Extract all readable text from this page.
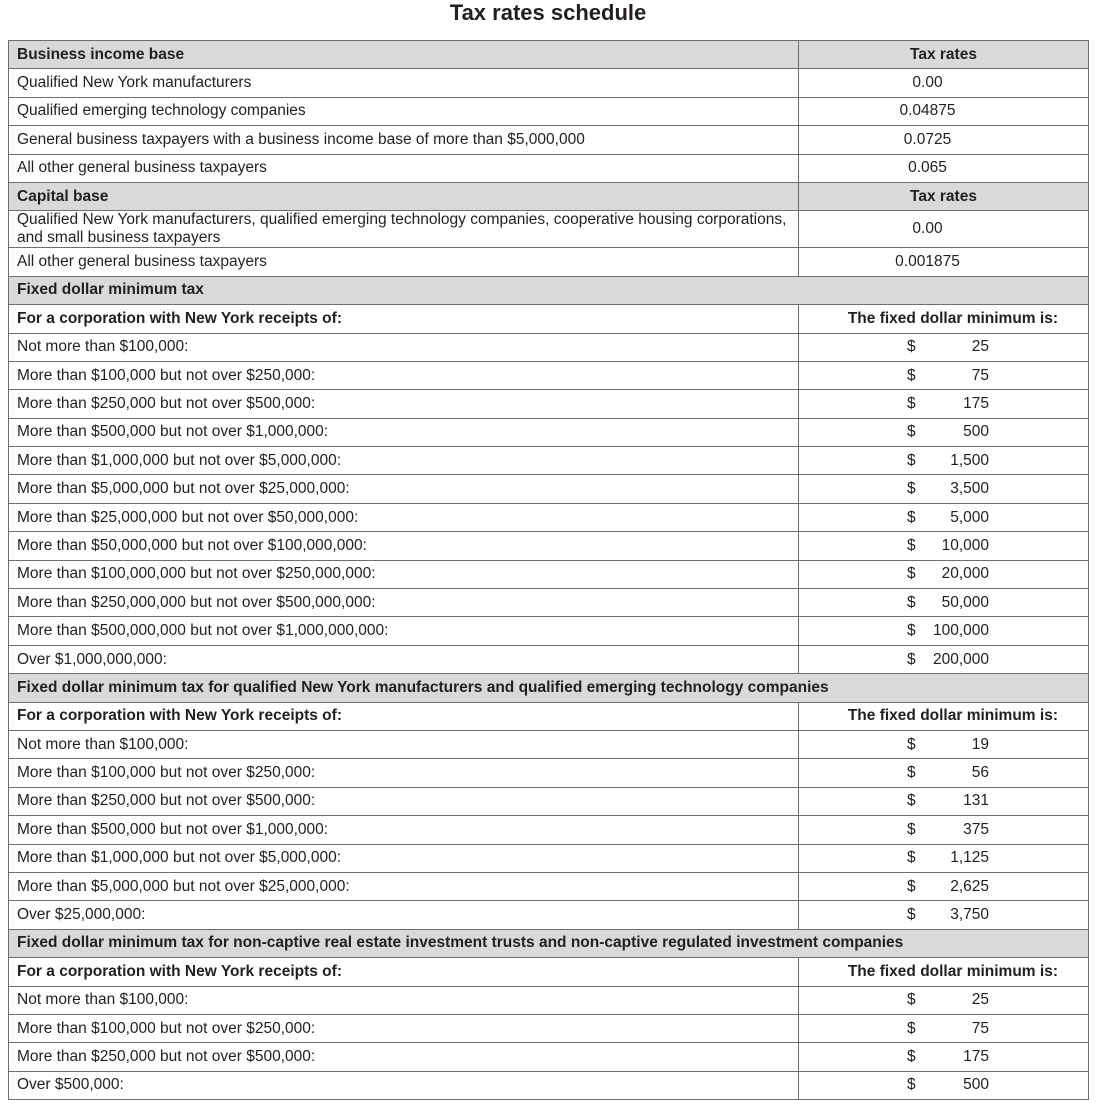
Tax rates schedule
Business income base	Tax rates
Qualified New York manufacturers	0.00
Qualified emerging technology companies	0.04875
General business taxpayers with a business income base of more than $5,000,000	0.0725
All other general business taxpayers	0.065
Capital base	Tax rates
Qualified New York manufacturers, qualified emerging technology companies, cooperative housing corporations, and small business taxpayers	0.00
All other general business taxpayers	0.001875
Fixed dollar minimum tax	
For a corporation with New York receipts of:	The fixed dollar minimum is:
Not more than $100,000:	$ 25

More than $100,000 but not over $250,000:	$ 75

More than $250,000 but not over $500,000:	$ 175

More than $500,000 but not over $1,000,000:	$ 500

More than $1,000,000 but not over $5,000,000:	$ 1,500

More than $5,000,000 but not over $25,000,000:	$ 3,500

More than $25,000,000 but not over $50,000,000:	$ 5,000

More than $50,000,000 but not over $100,000,000:	$ 10,000

More than $100,000,000 but not over $250,000,000:	$ 20,000

More than $250,000,000 but not over $500,000,000:	$ 50,000

More than $500,000,000 but not over $1,000,000,000:	$ 100,000

Over $1,000,000,000:	$ 200,000

Fixed dollar minimum tax for qualified New York manufacturers and qualified emerging technology companies	
For a corporation with New York receipts of:	The fixed dollar minimum is:
Not more than $100,000:	$ 19

More than $100,000 but not over $250,000:	$ 56

More than $250,000 but not over $500,000:	$ 131

More than $500,000 but not over $1,000,000:	$ 375

More than $1,000,000 but not over $5,000,000:	$ 1,125

More than $5,000,000 but not over $25,000,000:	$ 2,625

Over $25,000,000:	$ 3,750

Fixed dollar minimum tax for non-captive real estate investment trusts and non-captive regulated investment companies	
For a corporation with New York receipts of:	The fixed dollar minimum is:
Not more than $100,000:	$ 25

More than $100,000 but not over $250,000:	$ 75

More than $250,000 but not over $500,000:	$ 175

Over $500,000:	$ 500
